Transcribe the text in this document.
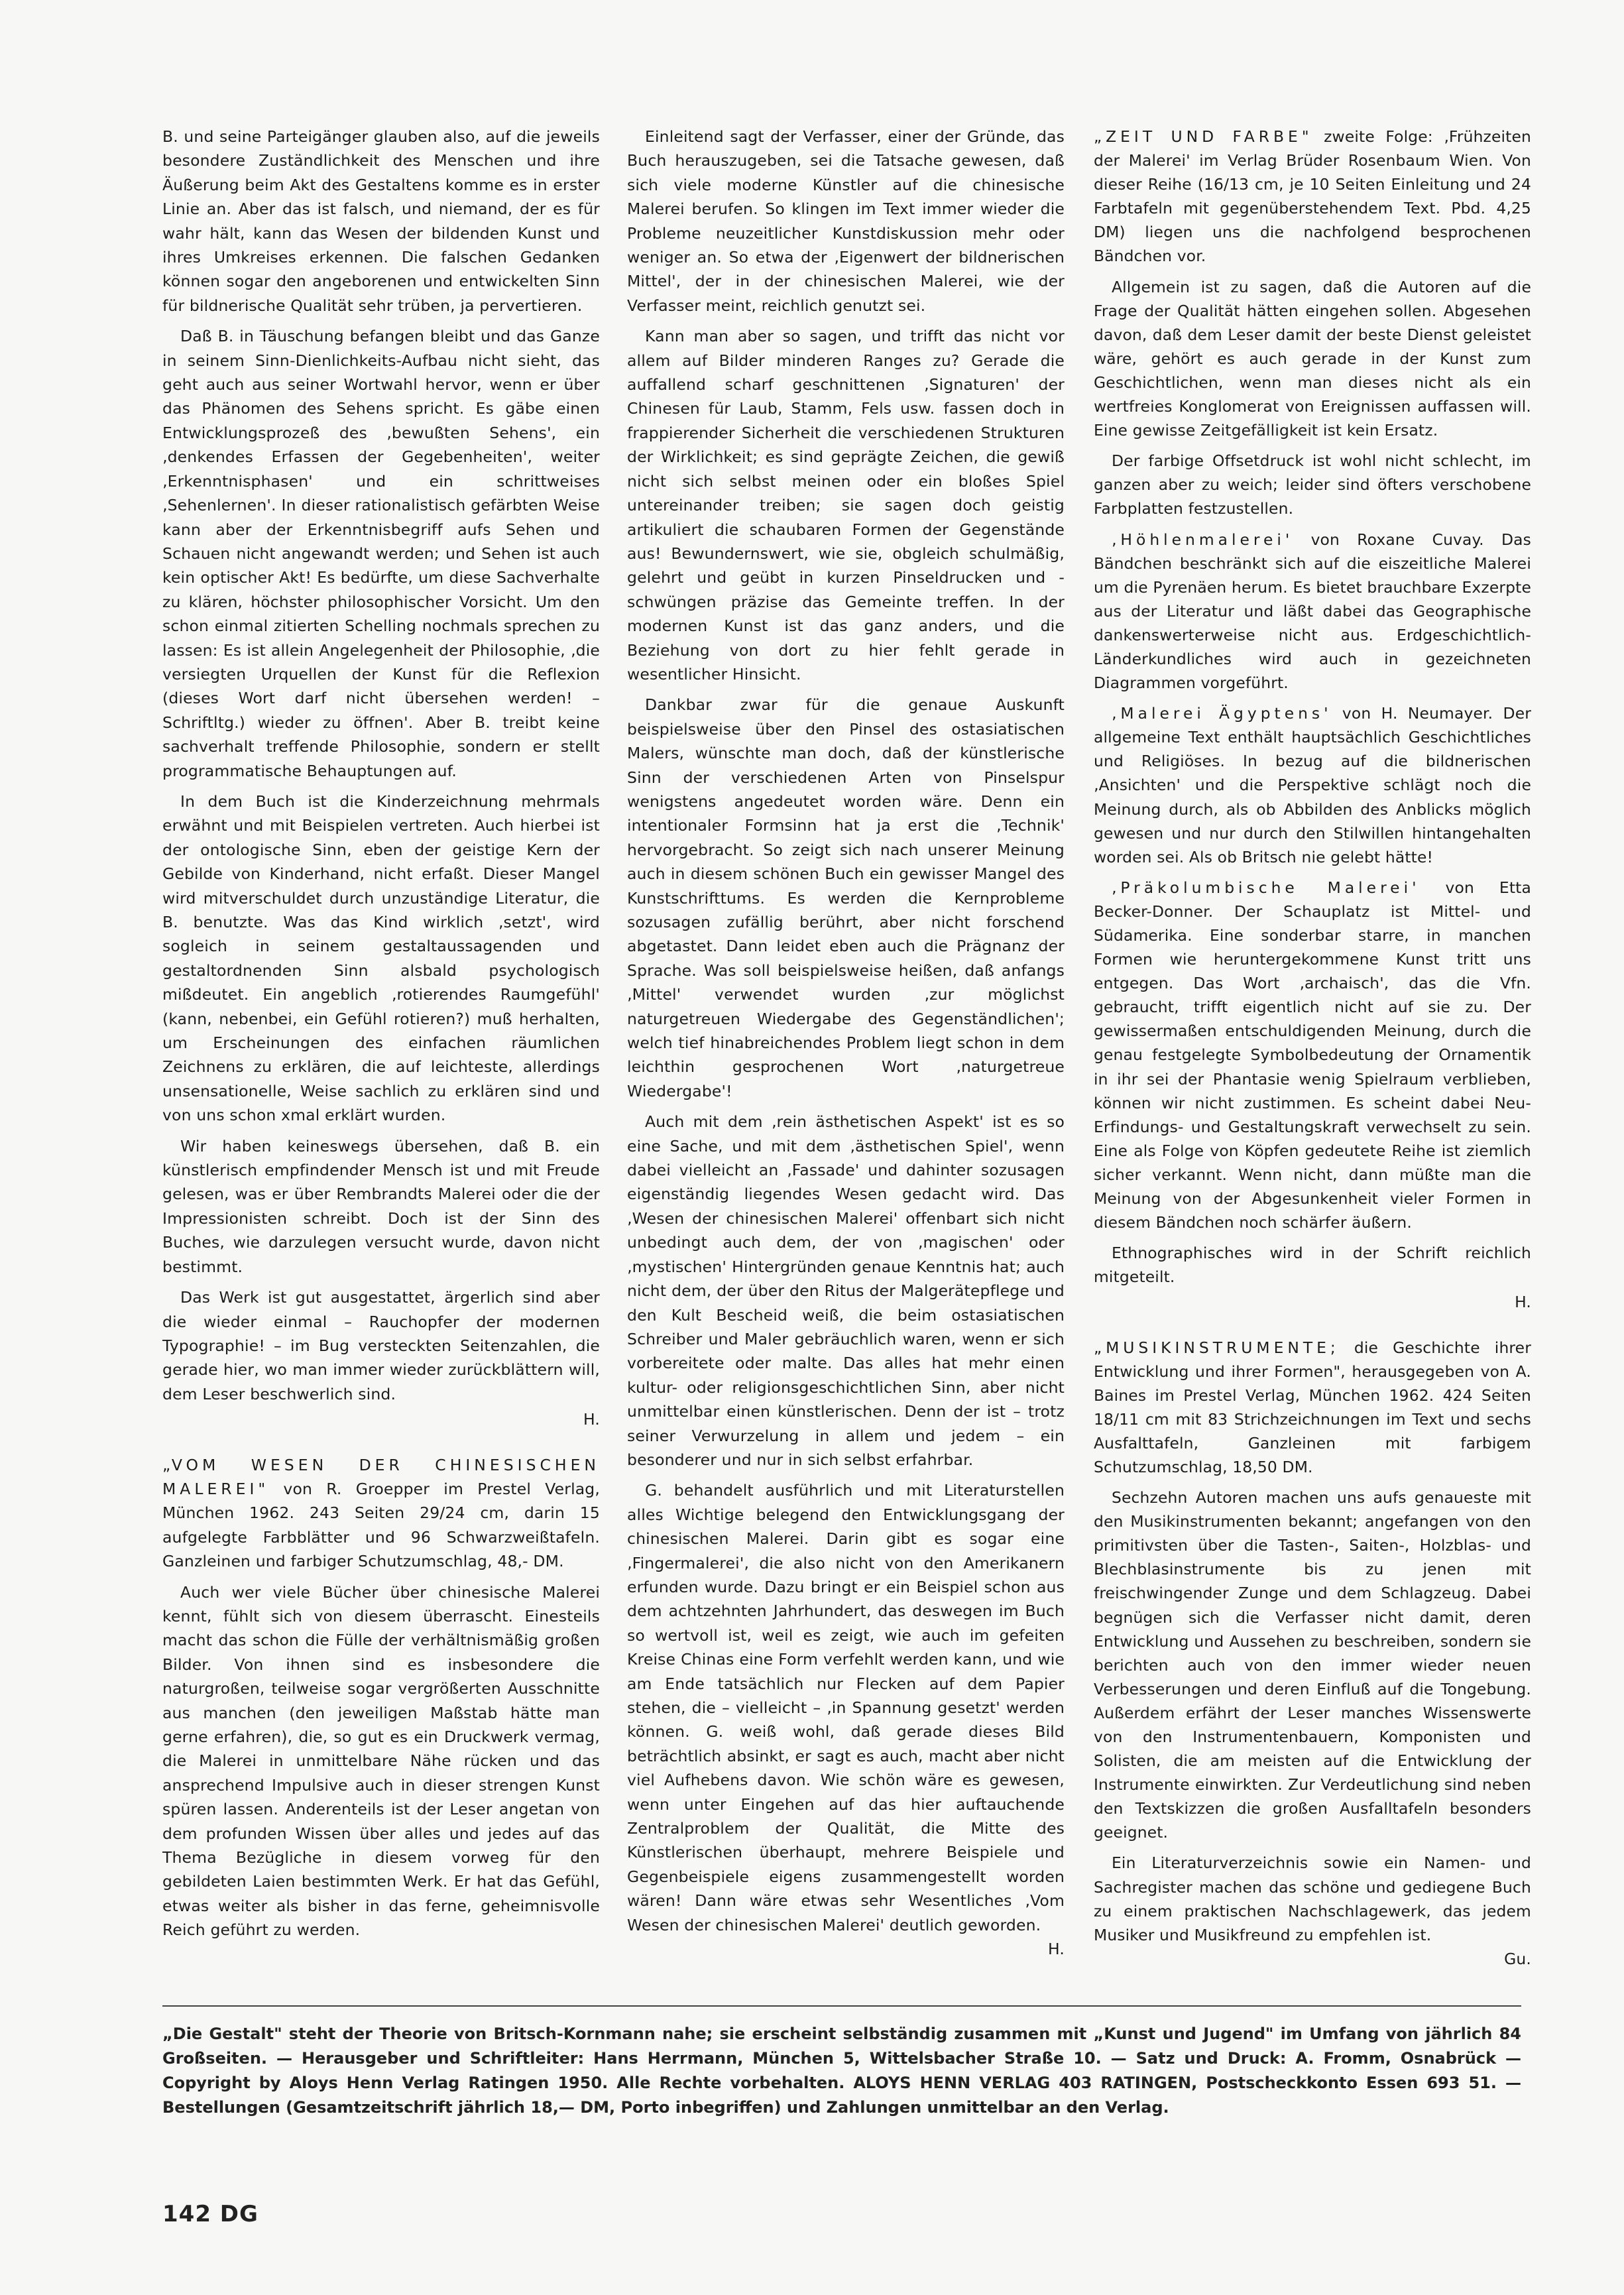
B. und seine Parteigänger glauben also, auf die jeweils besondere Zuständlichkeit des Menschen und ihre Äußerung beim Akt des Gestaltens komme es in erster Linie an. Aber das ist falsch, und niemand, der es für wahr hält, kann das Wesen der bildenden Kunst und ihres Umkreises erkennen. Die falschen Gedanken können sogar den angeborenen und entwickelten Sinn für bildnerische Qualität sehr trüben, ja pervertieren.

Daß B. in Täuschung befangen bleibt und das Ganze in seinem Sinn-Dienlichkeits-Aufbau nicht sieht, das geht auch aus seiner Wortwahl hervor, wenn er über das Phänomen des Sehens spricht. Es gäbe einen Entwicklungsprozeß des ‚bewußten Sehens', ein ‚denkendes Erfassen der Gegebenheiten', weiter ‚Erkenntnisphasen' und ein schrittweises ‚Sehenlernen'. In dieser rationalistisch gefärbten Weise kann aber der Erkenntnisbegriff aufs Sehen und Schauen nicht angewandt werden; und Sehen ist auch kein optischer Akt! Es bedürfte, um diese Sachverhalte zu klären, höchster philosophischer Vorsicht. Um den schon einmal zitierten Schelling nochmals sprechen zu lassen: Es ist allein Angelegenheit der Philosophie, ‚die versiegten Urquellen der Kunst für die Reflexion (dieses Wort darf nicht übersehen werden! – Schriftltg.) wieder zu öffnen'. Aber B. treibt keine sachverhalt treffende Philosophie, sondern er stellt programmatische Behauptungen auf.

In dem Buch ist die Kinderzeichnung mehrmals erwähnt und mit Beispielen vertreten. Auch hierbei ist der ontologische Sinn, eben der geistige Kern der Gebilde von Kinderhand, nicht erfaßt. Dieser Mangel wird mitverschuldet durch unzuständige Literatur, die B. benutzte. Was das Kind wirklich ‚setzt', wird sogleich in seinem gestaltaussagenden und gestaltordnenden Sinn alsbald psychologisch mißdeutet. Ein angeblich ‚rotierendes Raumgefühl' (kann, nebenbei, ein Gefühl rotieren?) muß herhalten, um Erscheinungen des einfachen räumlichen Zeichnens zu erklären, die auf leichteste, allerdings unsensationelle, Weise sachlich zu erklären sind und von uns schon xmal erklärt wurden.

Wir haben keineswegs übersehen, daß B. ein künstlerisch empfindender Mensch ist und mit Freude gelesen, was er über Rembrandts Malerei oder die der Impressionisten schreibt. Doch ist der Sinn des Buches, wie darzulegen versucht wurde, davon nicht bestimmt.

Das Werk ist gut ausgestattet, ärgerlich sind aber die wieder einmal – Rauchopfer der modernen Typographie! – im Bug versteckten Seitenzahlen, die gerade hier, wo man immer wieder zurückblättern will, dem Leser beschwerlich sind.

H.

„VOM WESEN DER CHINESISCHEN MALEREI" von R. Groepper im Prestel Verlag, München 1962. 243 Seiten 29/24 cm, darin 15 aufgelegte Farbblätter und 96 Schwarzweißtafeln. Ganzleinen und farbiger Schutzumschlag, 48,- DM.

Auch wer viele Bücher über chinesische Malerei kennt, fühlt sich von diesem überrascht. Einesteils macht das schon die Fülle der verhältnismäßig großen Bilder. Von ihnen sind es insbesondere die naturgroßen, teilweise sogar vergrößerten Ausschnitte aus manchen (den jeweiligen Maßstab hätte man gerne erfahren), die, so gut es ein Druckwerk vermag, die Malerei in unmittelbare Nähe rücken und das ansprechend Impulsive auch in dieser strengen Kunst spüren lassen. Anderenteils ist der Leser angetan von dem profunden Wissen über alles und jedes auf das Thema Bezügliche in diesem vorweg für den gebildeten Laien bestimmten Werk. Er hat das Gefühl, etwas weiter als bisher in das ferne, geheimnisvolle Reich geführt zu werden.

Einleitend sagt der Verfasser, einer der Gründe, das Buch herauszugeben, sei die Tatsache gewesen, daß sich viele moderne Künstler auf die chinesische Malerei berufen. So klingen im Text immer wieder die Probleme neuzeitlicher Kunstdiskussion mehr oder weniger an. So etwa der ‚Eigenwert der bildnerischen Mittel', der in der chinesischen Malerei, wie der Verfasser meint, reichlich genutzt sei.

Kann man aber so sagen, und trifft das nicht vor allem auf Bilder minderen Ranges zu? Gerade die auffallend scharf geschnittenen ‚Signaturen' der Chinesen für Laub, Stamm, Fels usw. fassen doch in frappierender Sicherheit die verschiedenen Strukturen der Wirklichkeit; es sind geprägte Zeichen, die gewiß nicht sich selbst meinen oder ein bloßes Spiel untereinander treiben; sie sagen doch geistig artikuliert die schaubaren Formen der Gegenstände aus! Bewundernswert, wie sie, obgleich schulmäßig, gelehrt und geübt in kurzen Pinseldrucken und -schwüngen präzise das Gemeinte treffen. In der modernen Kunst ist das ganz anders, und die Beziehung von dort zu hier fehlt gerade in wesentlicher Hinsicht.

Dankbar zwar für die genaue Auskunft beispielsweise über den Pinsel des ostasiatischen Malers, wünschte man doch, daß der künstlerische Sinn der verschiedenen Arten von Pinselspur wenigstens angedeutet worden wäre. Denn ein intentionaler Formsinn hat ja erst die ‚Technik' hervorgebracht. So zeigt sich nach unserer Meinung auch in diesem schönen Buch ein gewisser Mangel des Kunstschrifttums. Es werden die Kernprobleme sozusagen zufällig berührt, aber nicht forschend abgetastet. Dann leidet eben auch die Prägnanz der Sprache. Was soll beispielsweise heißen, daß anfangs ‚Mittel' verwendet wurden ‚zur möglichst naturgetreuen Wiedergabe des Gegenständlichen'; welch tief hinabreichendes Problem liegt schon in dem leichthin gesprochenen Wort ‚naturgetreue Wiedergabe'!

Auch mit dem ‚rein ästhetischen Aspekt' ist es so eine Sache, und mit dem ‚ästhetischen Spiel', wenn dabei vielleicht an ‚Fassade' und dahinter sozusagen eigenständig liegendes Wesen gedacht wird. Das ‚Wesen der chinesischen Malerei' offenbart sich nicht unbedingt auch dem, der von ‚magischen' oder ‚mystischen' Hintergründen genaue Kenntnis hat; auch nicht dem, der über den Ritus der Malgerätepflege und den Kult Bescheid weiß, die beim ostasiatischen Schreiber und Maler gebräuchlich waren, wenn er sich vorbereitete oder malte. Das alles hat mehr einen kultur- oder religionsgeschichtlichen Sinn, aber nicht unmittelbar einen künstlerischen. Denn der ist – trotz seiner Verwurzelung in allem und jedem – ein besonderer und nur in sich selbst erfahrbar.

G. behandelt ausführlich und mit Literaturstellen alles Wichtige belegend den Entwicklungsgang der chinesischen Malerei. Darin gibt es sogar eine ‚Fingermalerei', die also nicht von den Amerikanern erfunden wurde. Dazu bringt er ein Beispiel schon aus dem achtzehnten Jahrhundert, das deswegen im Buch so wertvoll ist, weil es zeigt, wie auch im gefeiten Kreise Chinas eine Form verfehlt werden kann, und wie am Ende tatsächlich nur Flecken auf dem Papier stehen, die – vielleicht – ‚in Spannung gesetzt' werden können. G. weiß wohl, daß gerade dieses Bild beträchtlich absinkt, er sagt es auch, macht aber nicht viel Aufhebens davon. Wie schön wäre es gewesen, wenn unter Eingehen auf das hier auftauchende Zentralproblem der Qualität, die Mitte des Künstlerischen überhaupt, mehrere Beispiele und Gegenbeispiele eigens zusammengestellt worden wären! Dann wäre etwas sehr Wesentliches ‚Vom Wesen der chinesischen Malerei' deutlich geworden.

H.

„ZEIT UND FARBE" zweite Folge: ‚Frühzeiten der Malerei' im Verlag Brüder Rosenbaum Wien. Von dieser Reihe (16/13 cm, je 10 Seiten Einleitung und 24 Farbtafeln mit gegenüberstehendem Text. Pbd. 4,25 DM) liegen uns die nachfolgend besprochenen Bändchen vor.

Allgemein ist zu sagen, daß die Autoren auf die Frage der Qualität hätten eingehen sollen. Abgesehen davon, daß dem Leser damit der beste Dienst geleistet wäre, gehört es auch gerade in der Kunst zum Geschichtlichen, wenn man dieses nicht als ein wertfreies Konglomerat von Ereignissen auffassen will. Eine gewisse Zeitgefälligkeit ist kein Ersatz.

Der farbige Offsetdruck ist wohl nicht schlecht, im ganzen aber zu weich; leider sind öfters verschobene Farbplatten festzustellen.

‚Höhlenmalerei' von Roxane Cuvay. Das Bändchen beschränkt sich auf die eiszeitliche Malerei um die Pyrenäen herum. Es bietet brauchbare Exzerpte aus der Literatur und läßt dabei das Geographische dankenswerterweise nicht aus. Erdgeschichtlich-Länderkundliches wird auch in gezeichneten Diagrammen vorgeführt.

‚Malerei Ägyptens' von H. Neumayer. Der allgemeine Text enthält hauptsächlich Geschichtliches und Religiöses. In bezug auf die bildnerischen ‚Ansichten' und die Perspektive schlägt noch die Meinung durch, als ob Abbilden des Anblicks möglich gewesen und nur durch den Stilwillen hintangehalten worden sei. Als ob Britsch nie gelebt hätte!

‚Präkolumbische Malerei' von Etta Becker-Donner. Der Schauplatz ist Mittel- und Südamerika. Eine sonderbar starre, in manchen Formen wie heruntergekommene Kunst tritt uns entgegen. Das Wort ‚archaisch', das die Vfn. gebraucht, trifft eigentlich nicht auf sie zu. Der gewissermaßen entschuldigenden Meinung, durch die genau festgelegte Symbolbedeutung der Ornamentik in ihr sei der Phantasie wenig Spielraum verblieben, können wir nicht zustimmen. Es scheint dabei Neu-Erfindungs- und Gestaltungskraft verwechselt zu sein. Eine als Folge von Köpfen gedeutete Reihe ist ziemlich sicher verkannt. Wenn nicht, dann müßte man die Meinung von der Abgesunkenheit vieler Formen in diesem Bändchen noch schärfer äußern.

Ethnographisches wird in der Schrift reichlich mitgeteilt.

H.

„MUSIKINSTRUMENTE; die Geschichte ihrer Entwicklung und ihrer Formen", herausgegeben von A. Baines im Prestel Verlag, München 1962. 424 Seiten 18/11 cm mit 83 Strichzeichnungen im Text und sechs Ausfalttafeln, Ganzleinen mit farbigem Schutzumschlag, 18,50 DM.

Sechzehn Autoren machen uns aufs genaueste mit den Musikinstrumenten bekannt; angefangen von den primitivsten über die Tasten-, Saiten-, Holzblas- und Blechblasinstrumente bis zu jenen mit freischwingender Zunge und dem Schlagzeug. Dabei begnügen sich die Verfasser nicht damit, deren Entwicklung und Aussehen zu beschreiben, sondern sie berichten auch von den immer wieder neuen Verbesserungen und deren Einfluß auf die Tongebung. Außerdem erfährt der Leser manches Wissenswerte von den Instrumentenbauern, Komponisten und Solisten, die am meisten auf die Entwicklung der Instrumente einwirkten. Zur Verdeutlichung sind neben den Textskizzen die großen Ausfalltafeln besonders geeignet.

Ein Literaturverzeichnis sowie ein Namen- und Sachregister machen das schöne und gediegene Buch zu einem praktischen Nachschlagewerk, das jedem Musiker und Musikfreund zu empfehlen ist.

Gu.

„Die Gestalt" steht der Theorie von Britsch-Kornmann nahe; sie erscheint selbständig zusammen mit „Kunst und Jugend" im Umfang von jährlich 84 Großseiten. — Herausgeber und Schriftleiter: Hans Herrmann, München 5, Wittelsbacher Straße 10. — Satz und Druck: A. Fromm, Osnabrück — Copyright by Aloys Henn Verlag Ratingen 1950. Alle Rechte vorbehalten. ALOYS HENN VERLAG 403 RATINGEN, Postscheckkonto Essen 693 51. — Bestellungen (Gesamtzeitschrift jährlich 18,— DM, Porto inbegriffen) und Zahlungen unmittelbar an den Verlag.
142 DG
